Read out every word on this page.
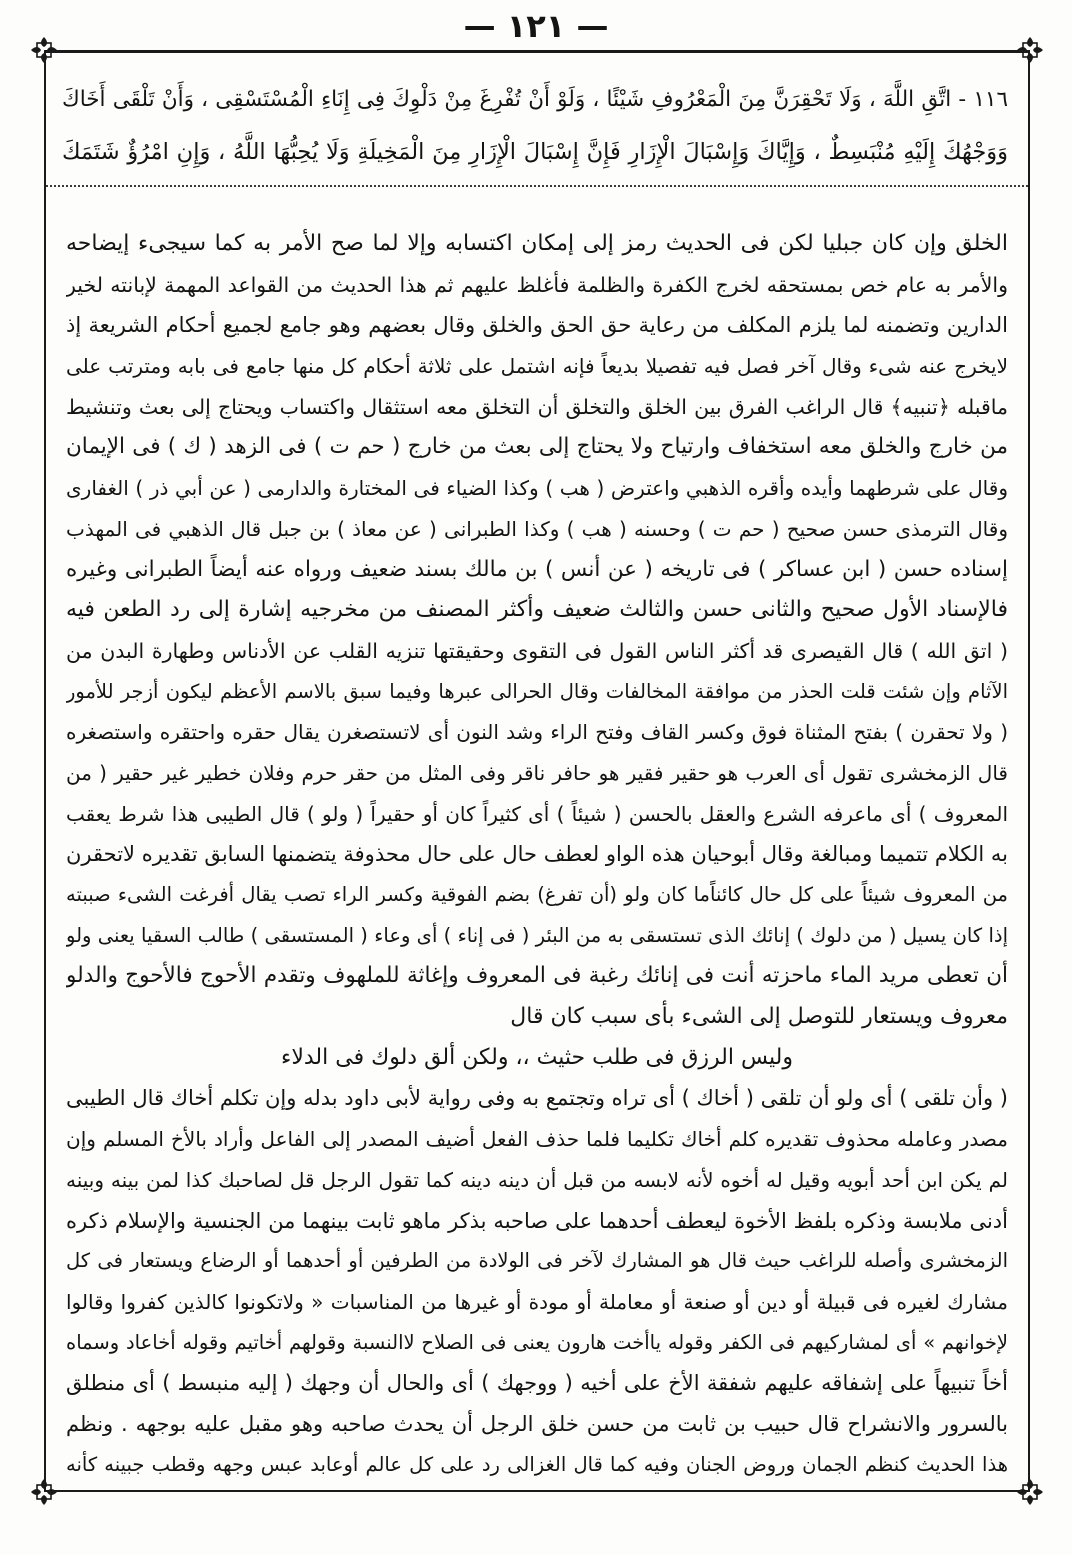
— ١٢١ —
١١٦ - اتَّقِ اللَّهَ ، وَلَا تَحْقِرَنَّ مِنَ الْمَعْرُوفِ شَيْئًا ، وَلَوْ أَنْ تُفْرِغَ مِنْ دَلْوِكَ فِى إِنَاءِ الْمُسْتَسْقِى ، وَأَنْ تَلْقَى أَخَاكَ
وَوَجْهُكَ إِلَيْهِ مُنْبَسِطٌ ، وَإِيَّاكَ وَإِسْبَالَ الْإِزَارِ فَإِنَّ إِسْبَالَ الْإِزَارِ مِنَ الْمَخِيلَةِ وَلَا يُحِبُّهَا اللَّهُ ، وَإِنِ امْرُؤٌ شَتَمَكَ
الخلق وإن كان جبليا لكن فى الحديث رمز إلى إمكان اكتسابه وإلا لما صح الأمر به كما سيجىء إيضاحه
والأمر به عام خص بمستحقه لخرج الكفرة والظلمة فأغلظ عليهم ثم هذا الحديث من القواعد المهمة لإبانته لخير
الدارين وتضمنه لما يلزم المكلف من رعاية حق الحق والخلق وقال بعضهم وهو جامع لجميع أحكام الشريعة إذ
لايخرج عنه شىء وقال آخر فصل فيه تفصيلا بديعاً فإنه اشتمل على ثلاثة أحكام كل منها جامع فى بابه ومترتب على
ماقبله ﴿تنبيه﴾ قال الراغب الفرق بين الخلق والتخلق أن التخلق معه استثقال واكتساب ويحتاج إلى بعث وتنشيط
من خارج والخلق معه استخفاف وارتياح ولا يحتاج إلى بعث من خارج ( حم ت ) فى الزهد ( ك ) فى الإيمان
وقال على شرطهما وأيده وأقره الذهبي واعترض ( هب ) وكذا الضياء فى المختارة والدارمى ( عن أبي ذر ) الغفارى
وقال الترمذى حسن صحيح ( حم ت ) وحسنه ( هب ) وكذا الطبرانى ( عن معاذ ) بن جبل قال الذهبي فى المهذب
إسناده حسن ( ابن عساكر ) فى تاريخه ( عن أنس ) بن مالك بسند ضعيف ورواه عنه أيضاً الطبرانى وغيره
فالإسناد الأول صحيح والثانى حسن والثالث ضعيف وأكثر المصنف من مخرجيه إشارة إلى رد الطعن فيه
( اتق الله ) قال القيصرى قد أكثر الناس القول فى التقوى وحقيقتها تنزيه القلب عن الأدناس وطهارة البدن من
الآثام وإن شئت قلت الحذر من موافقة المخالفات وقال الحرالى عبرها وفيما سبق بالاسم الأعظم ليكون أزجر للأمور
( ولا تحقرن ) بفتح المثناة فوق وكسر القاف وفتح الراء وشد النون أى لاتستصغرن يقال حقره واحتقره واستصغره
قال الزمخشرى تقول أى العرب هو حقير فقير هو حافر ناقر وفى المثل من حقر حرم وفلان خطير غير حقير ( من
المعروف ) أى ماعرفه الشرع والعقل بالحسن ( شيئاً ) أى كثيراً كان أو حقيراً ( ولو ) قال الطيبى هذا شرط يعقب
به الكلام تتميما ومبالغة وقال أبوحيان هذه الواو لعطف حال على حال محذوفة يتضمنها السابق تقديره لاتحقرن
من المعروف شيئاً على كل حال كائناًما كان ولو (أن تفرغ) بضم الفوقية وكسر الراء تصب يقال أفرغت الشىء صببته
إذا كان يسيل ( من دلوك ) إنائك الذى تستسقى به من البئر ( فى إناء ) أى وعاء ( المستسقى ) طالب السقيا يعنى ولو
أن تعطى مريد الماء ماحزته أنت فى إنائك رغبة فى المعروف وإغاثة للملهوف وتقدم الأحوج فالأحوج والدلو
معروف ويستعار للتوصل إلى الشىء بأى سبب كان قال
وليس الرزق فى طلب حثيث ،، ولكن ألق دلوك فى الدلاء
( وأن تلقى ) أى ولو أن تلقى ( أخاك ) أى تراه وتجتمع به وفى رواية لأبى داود بدله وإن تكلم أخاك قال الطيبى
مصدر وعامله محذوف تقديره كلم أخاك تكليما فلما حذف الفعل أضيف المصدر إلى الفاعل وأراد بالأخ المسلم وإن
لم يكن ابن أحد أبويه وقيل له أخوه لأنه لابسه من قبل أن دينه دينه كما تقول الرجل قل لصاحبك كذا لمن بينه وبينه
أدنى ملابسة وذكره بلفظ الأخوة ليعطف أحدهما على صاحبه بذكر ماهو ثابت بينهما من الجنسية والإسلام ذكره
الزمخشرى وأصله للراغب حيث قال هو المشارك لآخر فى الولادة من الطرفين أو أحدهما أو الرضاع ويستعار فى كل
مشارك لغيره فى قبيلة أو دين أو صنعة أو معاملة أو مودة أو غيرها من المناسبات « ولاتكونوا كالذين كفروا وقالوا
لإخوانهم » أى لمشاركيهم فى الكفر وقوله ياأخت هارون يعنى فى الصلاح لاالنسبة وقولهم أخاتيم وقوله أخاعاد وسماه
أخاً تنبيهاً على إشفاقه عليهم شفقة الأخ على أخيه ( ووجهك ) أى والحال أن وجهك ( إليه منبسط ) أى منطلق
بالسرور والانشراح قال حبيب بن ثابت من حسن خلق الرجل أن يحدث صاحبه وهو مقبل عليه بوجهه . ونظم
هذا الحديث كنظم الجمان وروض الجنان وفيه كما قال الغزالى رد على كل عالم أوعابد عبس وجهه وقطب جبينه كأنه
